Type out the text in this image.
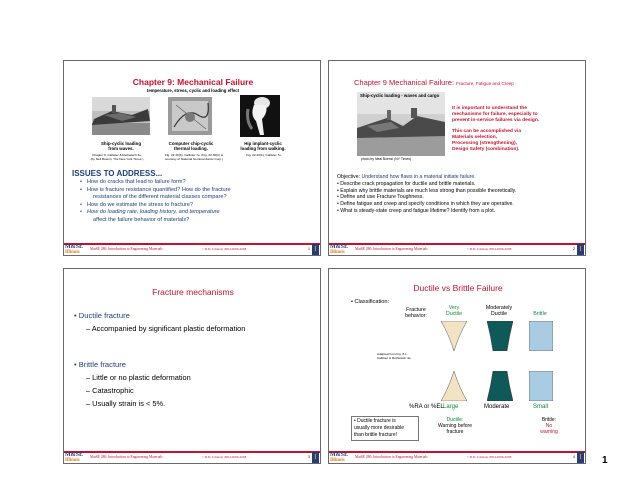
Chapter 9: Mechanical Failure
temperature, stress, cyclic and loading effect
Ship-cyclic loading
from waves.
Chapter 9, Callister & Rethwisch 3e.
(by Neil Boenzi, The New York Times.)
Computer chip-cyclic
thermal loading.
Fig. 22.30(b), Callister 7e. (Fig. 22.30(b) is
courtesy of National Semiconductor Corp.)
Hip implant-cyclic
loading from walking.
Fig. 22.26(b), Callister 7e.
ISSUES TO ADDRESS...
• How do cracks that lead to failure form?
• How is fracture resistance quantified? How do the fracture
resistances of the different material classes compare?
• How do we estimate the stress to fracture?
• How do loading rate, loading history, and temperature
affect the failure behavior of materials?
M&SE
Illinois
MatSE 280: Introduction to Engineering Materials	©D.D. Johnson 2004,2006-2008	1 I
Chapter 9 Mechanical Failure: Fracture, Fatigue and Creep
Ship-cyclic loading - waves and cargo
photo by Neal Boenzi (NY Times)
It is important to understand the
mechanisms for failure, especially to
prevent in-service failures via design.
This can be accomplished via
Materials selection,
Processing (strengthening),
Design Safety (combination).
Objective: Understand how flaws in a material initiate failure.
• Describe crack propagation for ductile and brittle materials.
• Explain why brittle materials are much less strong than possible theoretically.
• Define and use Fracture Toughness.
• Define fatigue and creep and specify conditions in which they are operative.
• What is steady-state creep and fatigue lifetime? Identify from a plot.
M&SE
Illinois
MatSE 280: Introduction to Engineering Materials	©D.D. Johnson 2004,2006-2008	2 I
Fracture mechanisms
• Ductile fracture
– Accompanied by significant plastic deformation
• Brittle fracture
– Little or no plastic deformation
– Catastrophic
– Usually strain is < 5%.
M&SE
Illinois
MatSE 280: Introduction to Engineering Materials	©D.D. Johnson 2004,2006-2008	3 I
Ductile vs Brittle Failure
• Classification:
Fracture
behavior:
Very
Ductile
Moderately
Ductile	Brittle
Adapted from Fig. 8.1,
Callister & Rethwisch 3e.
%RA or %EL Large	Moderate	Small
• Ductile fracture is
usually more desirable
than brittle fracture!
Ductile:
Warning before
fracture
Brittle:
No
warning
M&SE
Illinois
MatSE 280: Introduction to Engineering Materials	©D.D. Johnson 2004,2006-2008	4 I 1
